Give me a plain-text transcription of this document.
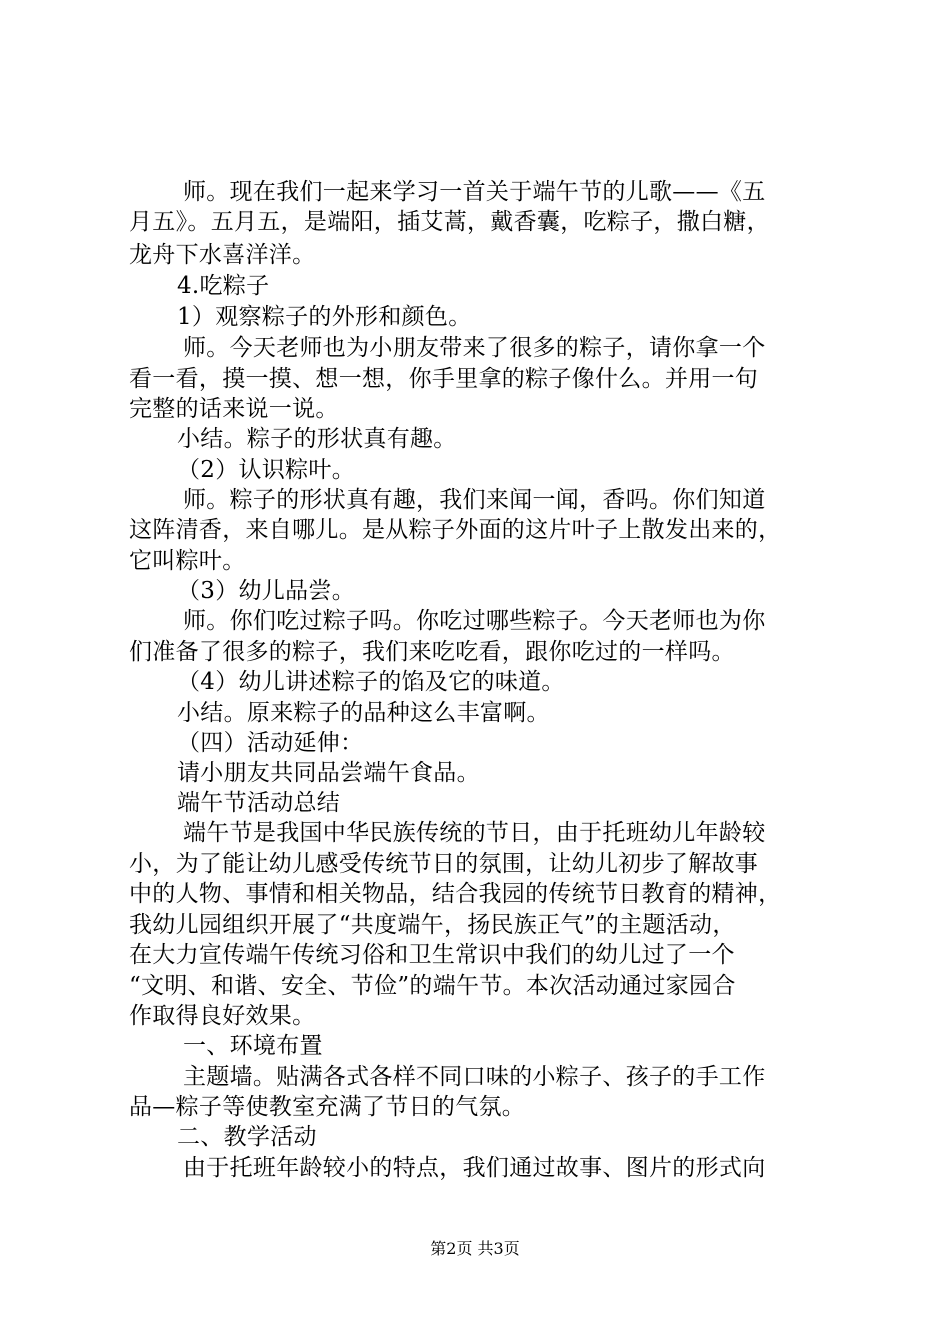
师。现在我们一起来学习一首关于端午节的儿歌——《五
月五》。五月五，是端阳，插艾蒿，戴香囊，吃粽子，撒白糖，
龙舟下水喜洋洋。
4.吃粽子
1）观察粽子的外形和颜色。
师。今天老师也为小朋友带来了很多的粽子，请你拿一个
看一看，摸一摸、想一想，你手里拿的粽子像什么。并用一句
完整的话来说一说。
小结。粽子的形状真有趣。
（2）认识粽叶。
师。粽子的形状真有趣，我们来闻一闻，香吗。你们知道
这阵清香，来自哪儿。是从粽子外面的这片叶子上散发出来的，
它叫粽叶。
（3）幼儿品尝。
师。你们吃过粽子吗。你吃过哪些粽子。今天老师也为你
们准备了很多的粽子，我们来吃吃看，跟你吃过的一样吗。
（4）幼儿讲述粽子的馅及它的味道。
小结。原来粽子的品种这么丰富啊。
（四）活动延伸：
请小朋友共同品尝端午食品。
端午节活动总结
端午节是我国中华民族传统的节日，由于托班幼儿年龄较
小，为了能让幼儿感受传统节日的氛围，让幼儿初步了解故事
中的人物、事情和相关物品，结合我园的传统节日教育的精神，
我幼儿园组织开展了“共度端午，扬民族正气”的主题活动，
在大力宣传端午传统习俗和卫生常识中我们的幼儿过了一个
“文明、和谐、安全、节俭”的端午节。本次活动通过家园合
作取得良好效果。
一、环境布置
主题墙。贴满各式各样不同口味的小粽子、孩子的手工作
品—粽子等使教室充满了节日的气氛。
二、教学活动
由于托班年龄较小的特点，我们通过故事、图片的形式向
第2页 共3页
